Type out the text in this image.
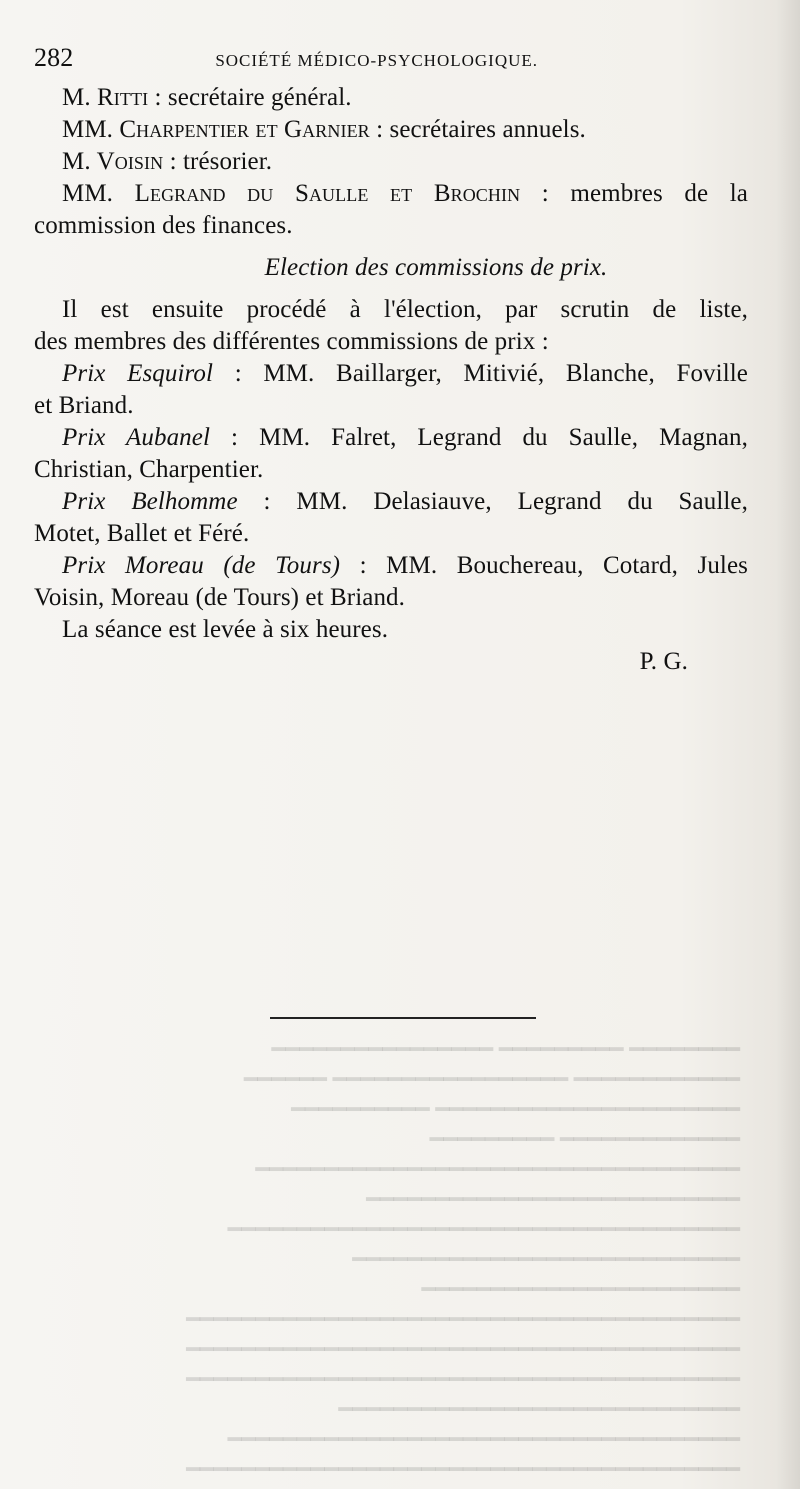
282	SOCIÉTÉ MÉDICO-PSYCHOLOGIQUE.

M. Ritti : secrétaire général.

MM. Charpentier et Garnier : secrétaires annuels.

M. Voisin : trésorier.

MM. Legrand du Saulle et Brochin : membres de la

commission des finances.

Election des commissions de prix.

Il est ensuite procédé à l'élection, par scrutin de liste,

des membres des différentes commissions de prix :

Prix Esquirol : MM. Baillarger, Mitivié, Blanche, Foville

et Briand.

Prix Aubanel : MM. Falret, Legrand du Saulle, Magnan,

Christian, Charpentier.

Prix Belhomme : MM. Delasiauve, Legrand du Saulle,

Motet, Ballet et Féré.

Prix Moreau (de Tours) : MM. Bouchereau, Cotard, Jules

Voisin, Moreau (de Tours) et Briand.

La séance est levée à six heures.

P. G.

━━━━━━━━ ━━━━━━━━━ ━━━━━━━━━━━━━━━━
━━━━━━━━━━━━ ━━━━━━━━━━━━━━━━━ ━━━━━━
━━━━━━━━━━━━━━━━━━━━━━ ━━━━━━━━━━
━━━━━━━━━━━━━ ━━━━━━━━━
━━━━━━━━━━━━━━━━━━━━━━━━━━━━━━━━━━━
━━━━━━━━━━━━━━━━━━━━━━━━━━━
━━━━━━━━━━━━━━━━━━━━━━━━━━━━━━━━━━━━━
━━━━━━━━━━━━━━━━━━━━━━━━━━━━
━━━━━━━━━━━━━━━━━━━━━━━
━━━━━━━━━━━━━━━━━━━━━━━━━━━━━━━━━━━━━━━━
━━━━━━━━━━━━━━━━━━━━━━━━━━━━━━━━━━━━━━━━
━━━━━━━━━━━━━━━━━━━━━━━━━━━━━━━━━━━━━━━━
━━━━━━━━━━━━━━━━━━━━━━━━━━━━━
━━━━━━━━━━━━━━━━━━━━━━━━━━━━━━━━━━━━━
━━━━━━━━━━━━━━━━━━━━━━━━━━━━━━━━━━━━━━━━
